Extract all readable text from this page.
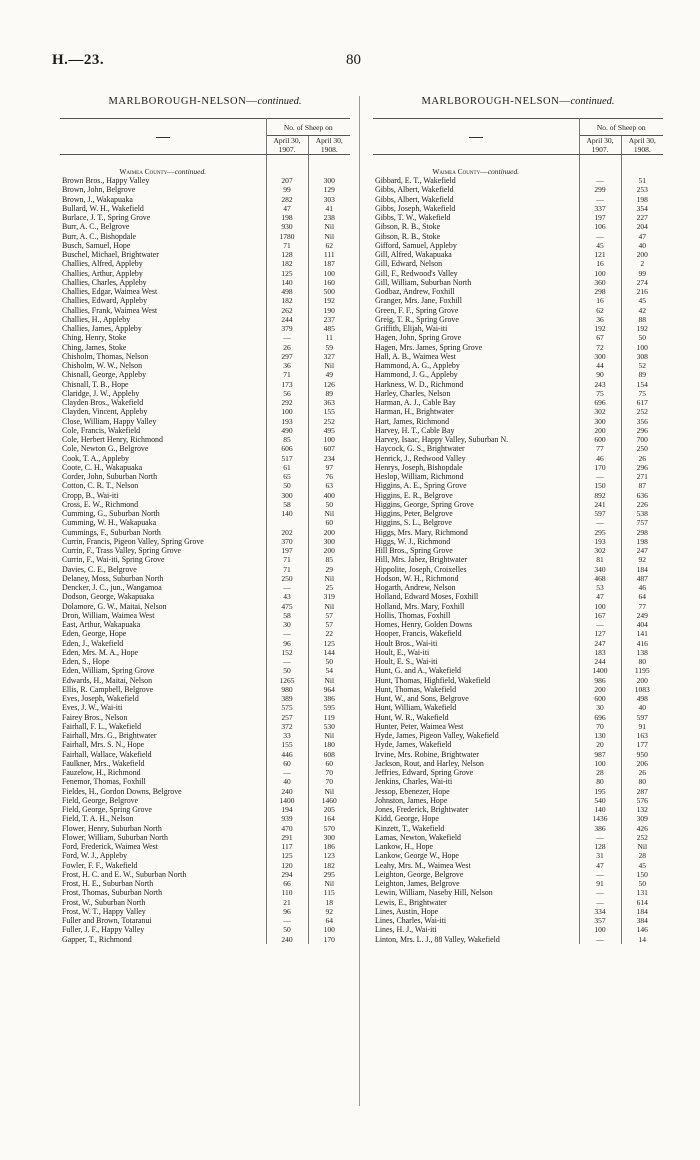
H.—23.	80
MARLBOROUGH-NELSON—continued.
	No. of Sheep on	
	April 30, 1907.	April 30, 1908.

Waimea County—continued.		
Brown Bros., Happy Valley	207	300
Brown, John, Belgrove	99	129
Brown, J., Wakapuaka	282	303
Bullard, W. H., Wakefield	47	41
Burlace, J. T., Spring Grove	198	238
Burr, A. C., Belgrove	930	Nil
Burr, A. C., Bishopdale	1780	Nil
Busch, Samuel, Hope	71	62
Buschel, Michael, Brightwater	128	111
Challies, Alfred, Appleby	182	187
Challies, Arthur, Appleby	125	100
Challies, Charles, Appleby	140	160
Challies, Edgar, Waimea West	498	500
Challies, Edward, Appleby	182	192
Challies, Frank, Waimea West	262	190
Challies, H., Appleby	244	237
Challies, James, Appleby	379	485
Ching, Henry, Stoke	—	11
Ching, James, Stoke	26	59
Chisholm, Thomas, Nelson	297	327
Chisholm, W. W., Nelson	36	Nil
Chisnall, George, Appleby	71	49
Chisnall, T. B., Hope	173	126
Claridge, J. W., Appleby	56	89
Clayden Bros., Wakefield	292	363
Clayden, Vincent, Appleby	100	155
Close, William, Happy Valley	193	252
Cole, Francis, Wakefield	490	495
Cole, Herbert Henry, Richmond	85	100
Cole, Newton G., Belgrove	606	607
Cook, T. A., Appleby	517	234
Coote, C. H., Wakapuaka	61	97
Corder, John, Suburban North	65	76
Cotton, C. R. T., Nelson	50	63
Cropp, B., Wai-iti	300	400
Cross, E. W., Richmond	58	50
Cumming, G., Suburban North	140	Nil
Cumming, W. H., Wakapuaka		60
Cummings, F., Suburban North	202	200
Currin, Francis, Pigeon Valley, Spring Grove	370	300
Currin, F., Trass Valley, Spring Grove	197	200
Currin, F., Wai-iti, Spring Grove	71	85
Davies, C. E., Belgrove	71	29
Delaney, Moss, Suburban North	250	Nil
Dencker, J. C., jun., Wangamoa	—	25
Dodson, George, Wakapuaka	43	319
Dolamore, G. W., Maitai, Nelson	475	Nil
Dron, William, Waimea West	58	57
East, Arthur, Wakapuaka	30	57
Eden, George, Hope	—	22
Eden, J., Wakefield	96	125
Eden, Mrs. M. A., Hope	152	144
Eden, S., Hope	—	50
Eden, William, Spring Grove	50	54
Edwards, H., Maitai, Nelson	1265	Nil
Ellis, R. Campbell, Belgrove	980	964
Eves, Joseph, Wakefield	389	386
Eves, J. W., Wai-iti	575	595
Fairey Bros., Nelson	257	119
Fairhall, F. L., Wakefield	372	530
Fairhall, Mrs. G., Brightwater	33	Nil
Fairhall, Mrs. S. N., Hope	155	180
Fairhall, Wallace, Wakefield	446	608
Faulkner, Mrs., Wakefield	60	60
Fauzelow, H., Richmond	—	70
Fenemor, Thomas, Foxhill	40	70
Fieldes, H., Gordon Downs, Belgrove	240	Nil
Field, George, Belgrove	1400	1460
Field, George, Spring Grove	194	205
Field, T. A. H., Nelson	939	164
Flower, Henry, Suburban North	470	570
Flower, William, Suburban North	291	300
Ford, Frederick, Waimea West	117	186
Ford, W. J., Appleby	125	123
Fowler, F. F., Wakefield	120	182
Frost, H. C. and E. W., Suburban North	294	295
Frost, H. E., Suburban North	66	Nil
Frost, Thomas, Suburban North	110	115
Frost, W., Suburban North	21	18
Frost, W. T., Happy Valley	96	92
Fuller and Brown, Totaranui	—	64
Fuller, J. F., Happy Valley	50	100
Gapper, T., Richmond	240	170
MARLBOROUGH-NELSON—continued.
	No. of Sheep on	
	April 30, 1907.	April 30, 1908.

Waimea County—continued.		
Gibbard, E. T., Wakefield	—	51
Gibbs, Albert, Wakefield	299	253
Gibbs, Albert, Wakefield	—	198
Gibbs, Joseph, Wakefield	337	354
Gibbs, T. W., Wakefield	197	227
Gibson, R. B., Stoke	106	204
Gibson, R. B., Stoke	—	47
Gifford, Samuel, Appleby	45	40
Gill, Alfred, Wakapuaka	121	200
Gill, Edward, Nelson	16	2
Gill, F., Redwood's Valley	100	99
Gill, William, Suburban North	360	274
Godbaz, Andrew, Foxhill	298	216
Granger, Mrs. Jane, Foxhill	16	45
Green, F. F., Spring Grove	62	42
Greig, T. R., Spring Grove	36	88
Griffith, Elijah, Wai-iti	192	192
Hagen, John, Spring Grove	67	50
Hagen, Mrs. James, Spring Grove	72	100
Hall, A. B., Waimea West	300	308
Hammond, A. G., Appleby	44	52
Hammond, J. G., Appleby	90	89
Harkness, W. D., Richmond	243	154
Harley, Charles, Nelson	75	75
Harman, A. J., Cable Bay	696	617
Harman, H., Brightwater	302	252
Hart, James, Richmond	300	356
Harvey, H. T., Cable Bay	200	296
Harvey, Isaac, Happy Valley, Suburban N.	600	700
Haycock, G. S., Brightwater	77	250
Henrick, J., Redwood Valley	46	26
Henrys, Joseph, Bishopdale	170	296
Heslop, William, Richmond	—	271
Higgins, A. E., Spring Grove	150	87
Higgins, E. R., Belgrove	892	636
Higgins, George, Spring Grove	241	226
Higgins, Peter, Belgrove	597	538
Higgins, S. L., Belgrove	—	757
Higgs, Mrs. Mary, Richmond	295	298
Higgs, W. J., Richmond	193	198
Hill Bros., Spring Grove	302	247
Hill, Mrs. Jabez, Brightwater	81	92
Hippolite, Joseph, Croixelles	340	184
Hodson, W. H., Richmond	468	487
Hogarth, Andrew, Nelson	53	46
Holland, Edward Moses, Foxhill	47	64
Holland, Mrs. Mary, Foxhill	100	77
Hollis, Thomas, Foxhill	167	249
Homes, Henry, Golden Downs	—	404
Hooper, Francis, Wakefield	127	141
Hoult Bros., Wai-iti	247	416
Hoult, E., Wai-iti	183	138
Hoult, E. S., Wai-iti	244	80
Hunt, G. and A., Wakefield	1400	1195
Hunt, Thomas, Highfield, Wakefield	986	200
Hunt, Thomas, Wakefield	200	1083
Hunt, W., and Sons, Belgrove	600	498
Hunt, William, Wakefield	30	40
Hunt, W. R., Wakefield	696	597
Hunter, Peter, Waimea West	70	91
Hyde, James, Pigeon Valley, Wakefield	130	163
Hyde, James, Wakefield	20	177
Irvine, Mrs. Robine, Brightwater	987	950
Jackson, Rout, and Harley, Nelson	100	206
Jeffries, Edward, Spring Grove	28	26
Jenkins, Charles, Wai-iti	80	80
Jessop, Ebenezer, Hope	195	287
Johnston, James, Hope	540	576
Jones, Frederick, Brightwater	140	132
Kidd, George, Hope	1436	309
Kinzett, T., Wakefield	386	426
Lamas, Newton, Wakefield	—	252
Lankow, H., Hope	128	Nil
Lankow, George W., Hope	31	28
Leahy, Mrs. M., Waimea West	47	45
Leighton, George, Belgrove	—	150
Leighton, James, Belgrove	91	50
Lewin, William, Naseby Hill, Nelson	—	131
Lewis, E., Brightwater	—	614
Lines, Austin, Hope	334	184
Lines, Charles, Wai-iti	357	384
Lines, H. J., Wai-iti	100	146
Linton, Mrs. L. J., 88 Valley, Wakefield	—	14
